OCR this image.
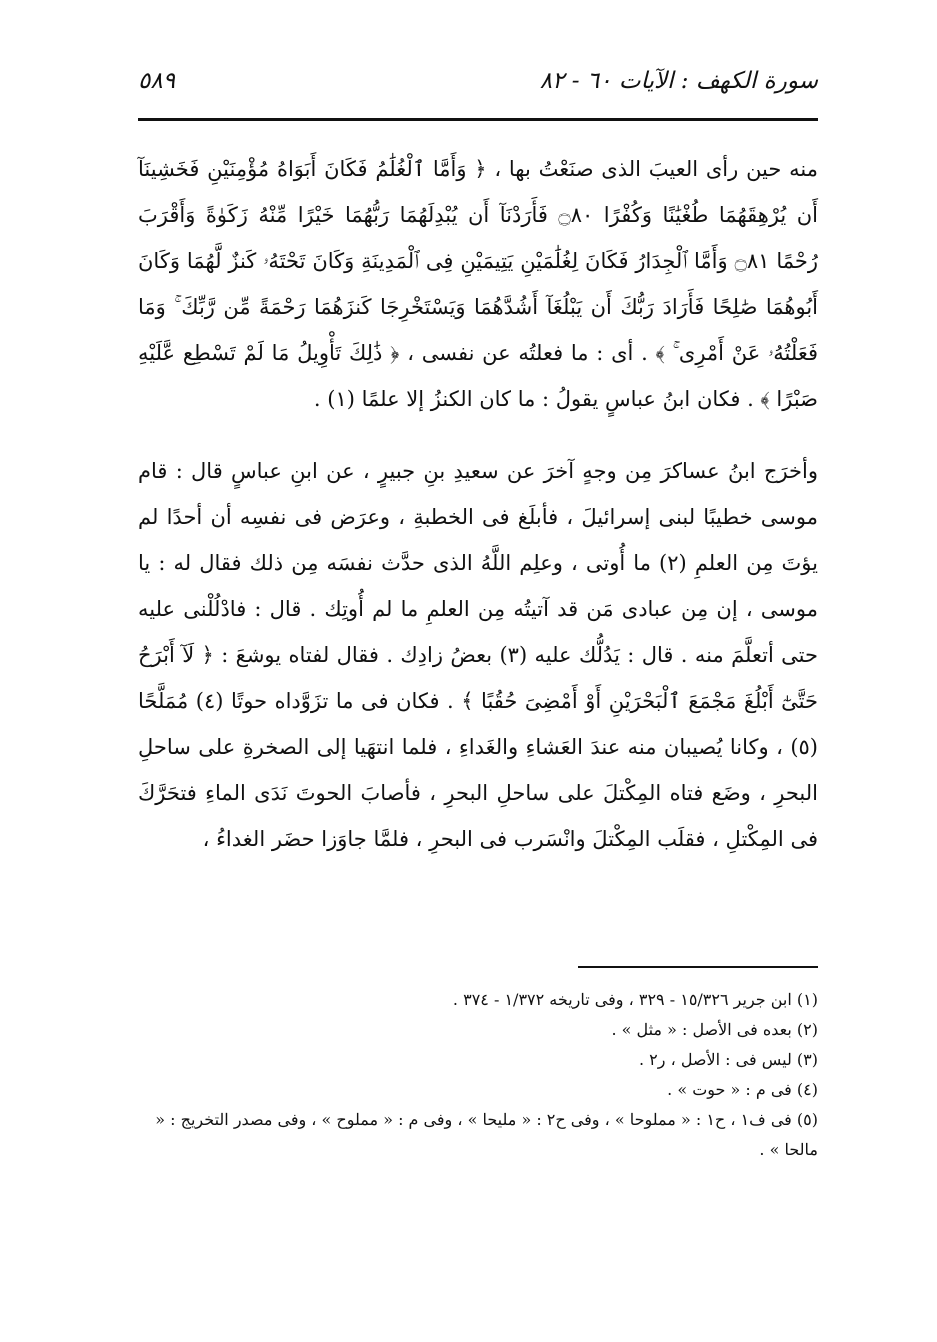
سورة الكهف : الآيات ٦٠ - ٨٢
٥٨٩

منه حين رأى العيبَ الذى صنَعْتُ بها ، ﴿ وَأَمَّا ٱلْغُلَٰمُ فَكَانَ أَبَوَاهُ مُؤْمِنَيْنِ فَخَشِينَآ أَن يُرْهِقَهُمَا طُغْيَٰنًا وَكُفْرًا ۝٨٠ فَأَرَدْنَآ أَن يُبْدِلَهُمَا رَبُّهُمَا خَيْرًا مِّنْهُ زَكَوٰةً وَأَقْرَبَ رُحْمًا ۝٨١ وَأَمَّا ٱلْجِدَارُ فَكَانَ لِغُلَٰمَيْنِ يَتِيمَيْنِ فِى ٱلْمَدِينَةِ وَكَانَ تَحْتَهُۥ كَنزٌ لَّهُمَا وَكَانَ أَبُوهُمَا صَٰلِحًا فَأَرَادَ رَبُّكَ أَن يَبْلُغَآ أَشُدَّهُمَا وَيَسْتَخْرِجَا كَنزَهُمَا رَحْمَةً مِّن رَّبِّكَ ۚ وَمَا فَعَلْتُهُۥ عَنْ أَمْرِى ۚ ﴾ . أى : ما فعلتُه عن نفسى ، ﴿ ذَٰلِكَ تَأْوِيلُ مَا لَمْ تَسْطِع عَّلَيْهِ صَبْرًا ﴾ . فكان ابنُ عباسٍ يقولُ : ما كان الكنزُ إلا علمًا (١) .

وأخرَج ابنُ عساكرَ مِن وجهٍ آخرَ عن سعيدِ بنِ جبيرٍ ، عن ابنِ عباسٍ قال : قام موسى خطيبًا لبنى إسرائيلَ ، فأبلَغ فى الخطبةِ ، وعرَض فى نفسِه أن أحدًا لم يؤتَ مِن العلمِ (٢) ما أُوتى ، وعلِم اللَّهُ الذى حدَّث نفسَه مِن ذلك فقال له : يا موسى ، إن مِن عبادى مَن قد آتيتُه مِن العلمِ ما لم أُوتِك . قال : فادْلُلْنى عليه حتى أتعلَّمَ منه . قال : يَدُلُّك عليه (٣) بعضُ زادِك . فقال لفتاه يوشعَ : ﴿ لَآ أَبْرَحُ حَتَّىٰٓ أَبْلُغَ مَجْمَعَ ٱلْبَحْرَيْنِ أَوْ أَمْضِىَ حُقُبًا ﴾ . فكان فى ما تزَوَّداه حوتًا (٤) مُمَلَّحًا (٥) ، وكانا يُصيبان منه عندَ العَشاءِ والغَداءِ ، فلما انتهَيا إلى الصخرةِ على ساحلِ البحرِ ، وضَع فتاه المِكْتلَ على ساحلِ البحرِ ، فأصابَ الحوتَ نَدَى الماءِ فتحَرَّكَ فى المِكْتلِ ، فقلَب المِكْتلَ وانْسَرب فى البحرِ ، فلمَّا جاوَزا حضَر الغداءُ ،

(١) ابن جرير ١٥/٣٢٦ - ٣٢٩ ، وفى تاريخه ١/٣٧٢ - ٣٧٤ .

(٢) بعده فى الأصل : « مثل » .

(٣) ليس فى : الأصل ، ر٢ .

(٤) فى م : « حوت » .

(٥) فى ف١ ، ح١ : « مملوحا » ، وفى ح٢ : « مليحا » ، وفى م : « مملوح » ، وفى مصدر التخريج : « مالحا » .
